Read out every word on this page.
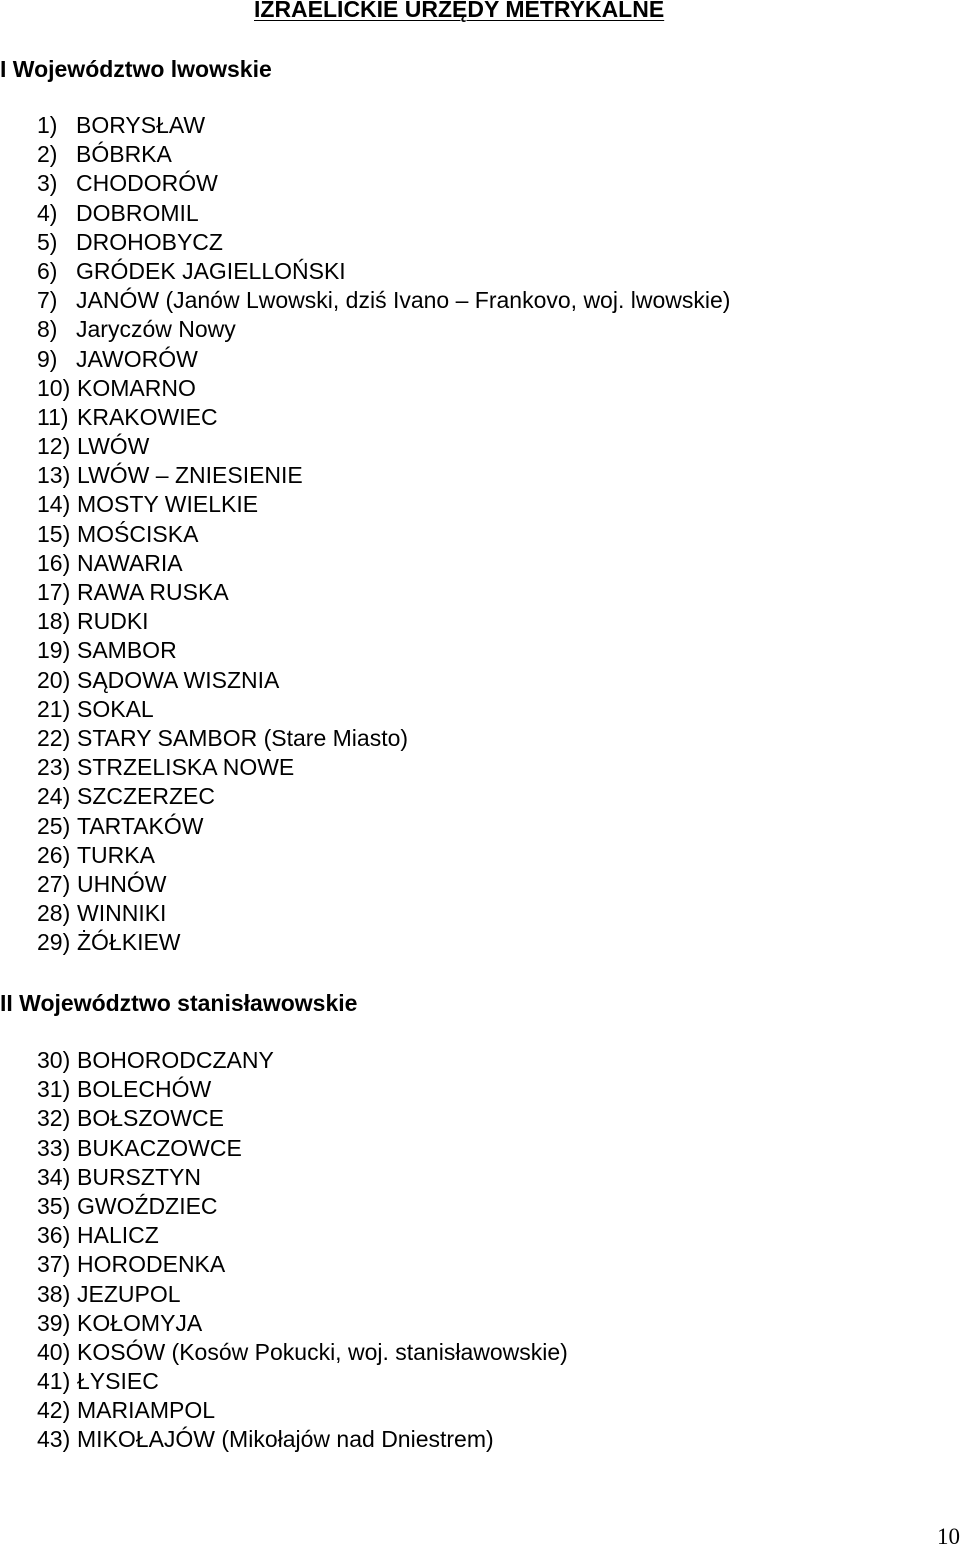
IZRAELICKIE URZĘDY METRYKALNE
I Województwo lwowskie
1) BORYSŁAW
2) BÓBRKA
3) CHODORÓW
4) DOBROMIL
5) DROHOBYCZ
6) GRÓDEK JAGIELLOŃSKI
7) JANÓW (Janów Lwowski, dziś Ivano – Frankovo, woj. lwowskie)
8) Jaryczów Nowy
9) JAWORÓW
10) KOMARNO
11) KRAKOWIEC
12) LWÓW
13) LWÓW – ZNIESIENIE
14) MOSTY WIELKIE
15) MOŚCISKA
16) NAWARIA
17) RAWA RUSKA
18) RUDKI
19) SAMBOR
20) SĄDOWA WISZNIA
21) SOKAL
22) STARY SAMBOR (Stare Miasto)
23) STRZELISKA NOWE
24) SZCZERZEC
25) TARTAKÓW
26) TURKA
27) UHNÓW
28) WINNIKI
29) ŻÓŁKIEW
II Województwo stanisławowskie
30) BOHORODCZANY
31) BOLECHÓW
32) BOŁSZOWCE
33) BUKACZOWCE
34) BURSZTYN
35) GWOŹDZIEC
36) HALICZ
37) HORODENKA
38) JEZUPOL
39) KOŁOMYJA
40) KOSÓW (Kosów Pokucki, woj. stanisławowskie)
41) ŁYSIEC
42) MARIAMPOL
43) MIKOŁAJÓW (Mikołajów nad Dniestrem)
10
